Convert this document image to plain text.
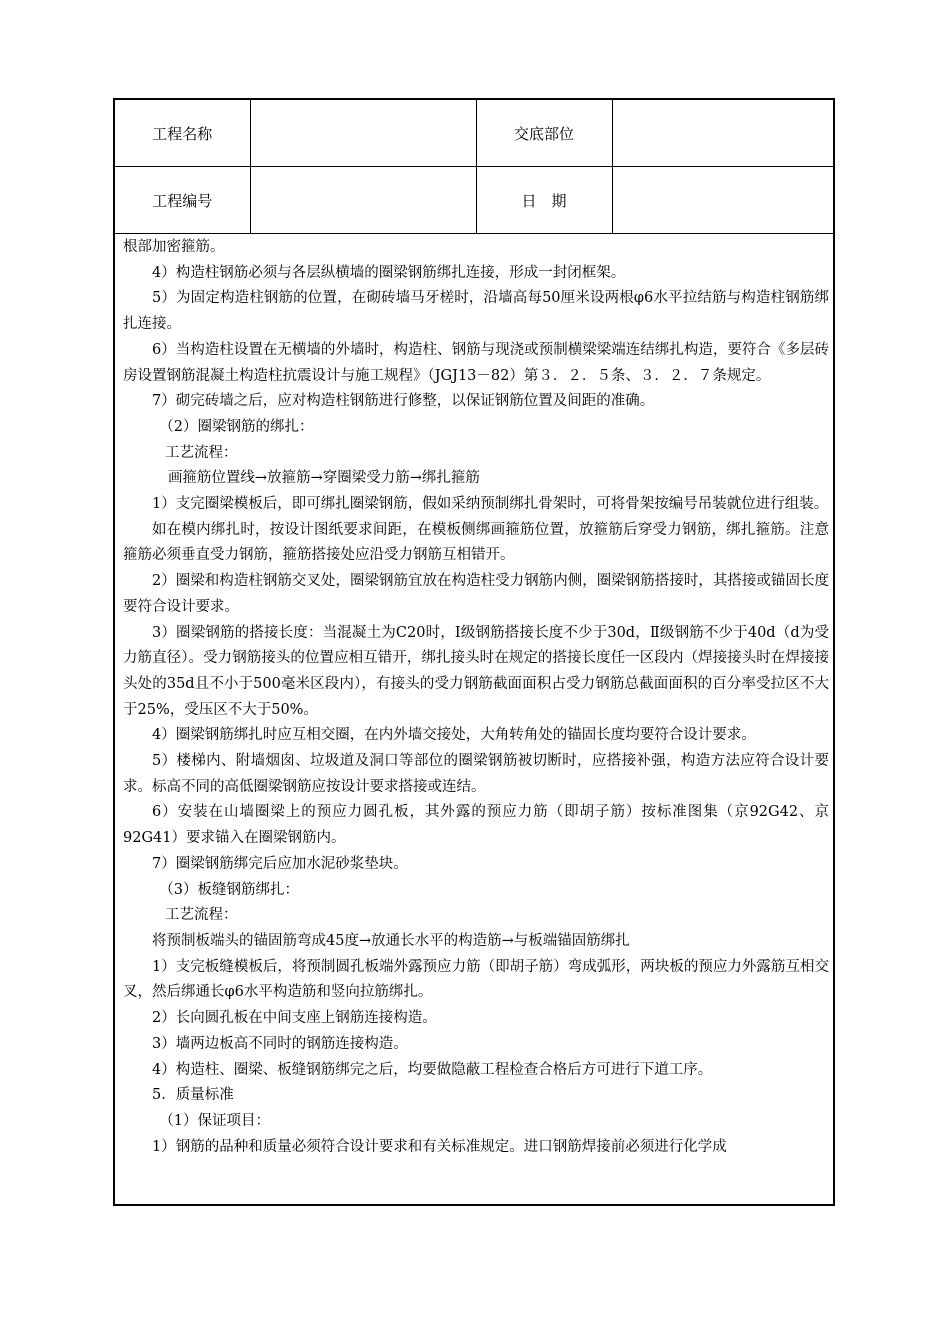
工程名称		交底部位	
工程编号		日　期	

根部加密箍筋。

4）构造柱钢筋必须与各层纵横墙的圈梁钢筋绑扎连接，形成一封闭框架。

5）为固定构造柱钢筋的位置，在砌砖墙马牙槎时，沿墙高每50厘米设两根φ6水平拉结筋与构造柱钢筋绑扎连接。

6）当构造柱设置在无横墙的外墙时，构造柱、钢筋与现浇或预制横梁梁端连结绑扎构造，要符合《多层砖房设置钢筋混凝土构造柱抗震设计与施工规程》（JGJ13－82）第３．２．５条、３．２．７条规定。

7）砌完砖墙之后，应对构造柱钢筋进行修整，以保证钢筋位置及间距的准确。

（2）圈梁钢筋的绑扎：

工艺流程：

画箍筋位置线→放箍筋→穿圈梁受力筋→绑扎箍筋

1）支完圈梁模板后，即可绑扎圈梁钢筋，假如采纳预制绑扎骨架时，可将骨架按编号吊装就位进行组装。

如在模内绑扎时，按设计图纸要求间距，在模板侧绑画箍筋位置，放箍筋后穿受力钢筋，绑扎箍筋。注意箍筋必须垂直受力钢筋，箍筋搭接处应沿受力钢筋互相错开。

2）圈梁和构造柱钢筋交叉处，圈梁钢筋宜放在构造柱受力钢筋内侧，圈梁钢筋搭接时，其搭接或锚固长度要符合设计要求。

3）圈梁钢筋的搭接长度：当混凝土为C20时，Ⅰ级钢筋搭接长度不少于30d，Ⅱ级钢筋不少于40d（d为受力筋直径）。受力钢筋接头的位置应相互错开，绑扎接头时在规定的搭接长度任一区段内（焊接接头时在焊接接头处的35d且不小于500毫米区段内），有接头的受力钢筋截面面积占受力钢筋总截面面积的百分率受拉区不大于25%，受压区不大于50%。

4）圈梁钢筋绑扎时应互相交圈，在内外墙交接处，大角转角处的锚固长度均要符合设计要求。

5）楼梯内、附墙烟囱、垃圾道及洞口等部位的圈梁钢筋被切断时，应搭接补强，构造方法应符合设计要求。标高不同的高低圈梁钢筋应按设计要求搭接或连结。

6）安装在山墙圈梁上的预应力圆孔板，其外露的预应力筋（即胡子筋）按标准图集（京92G42、京92G41）要求锚入在圈梁钢筋内。

7）圈梁钢筋绑完后应加水泥砂浆垫块。

（3）板缝钢筋绑扎：

工艺流程：

将预制板端头的锚固筋弯成45度→放通长水平的构造筋→与板端锚固筋绑扎

1）支完板缝模板后，将预制圆孔板端外露预应力筋（即胡子筋）弯成弧形，两块板的预应力外露筋互相交叉，然后绑通长φ6水平构造筋和竖向拉筋绑扎。

2）长向圆孔板在中间支座上钢筋连接构造。

3）墙两边板高不同时的钢筋连接构造。

4）构造柱、圈梁、板缝钢筋绑完之后，均要做隐蔽工程检查合格后方可进行下道工序。

5．质量标准

（1）保证项目：

1）钢筋的品种和质量必须符合设计要求和有关标准规定。进口钢筋焊接前必须进行化学成
